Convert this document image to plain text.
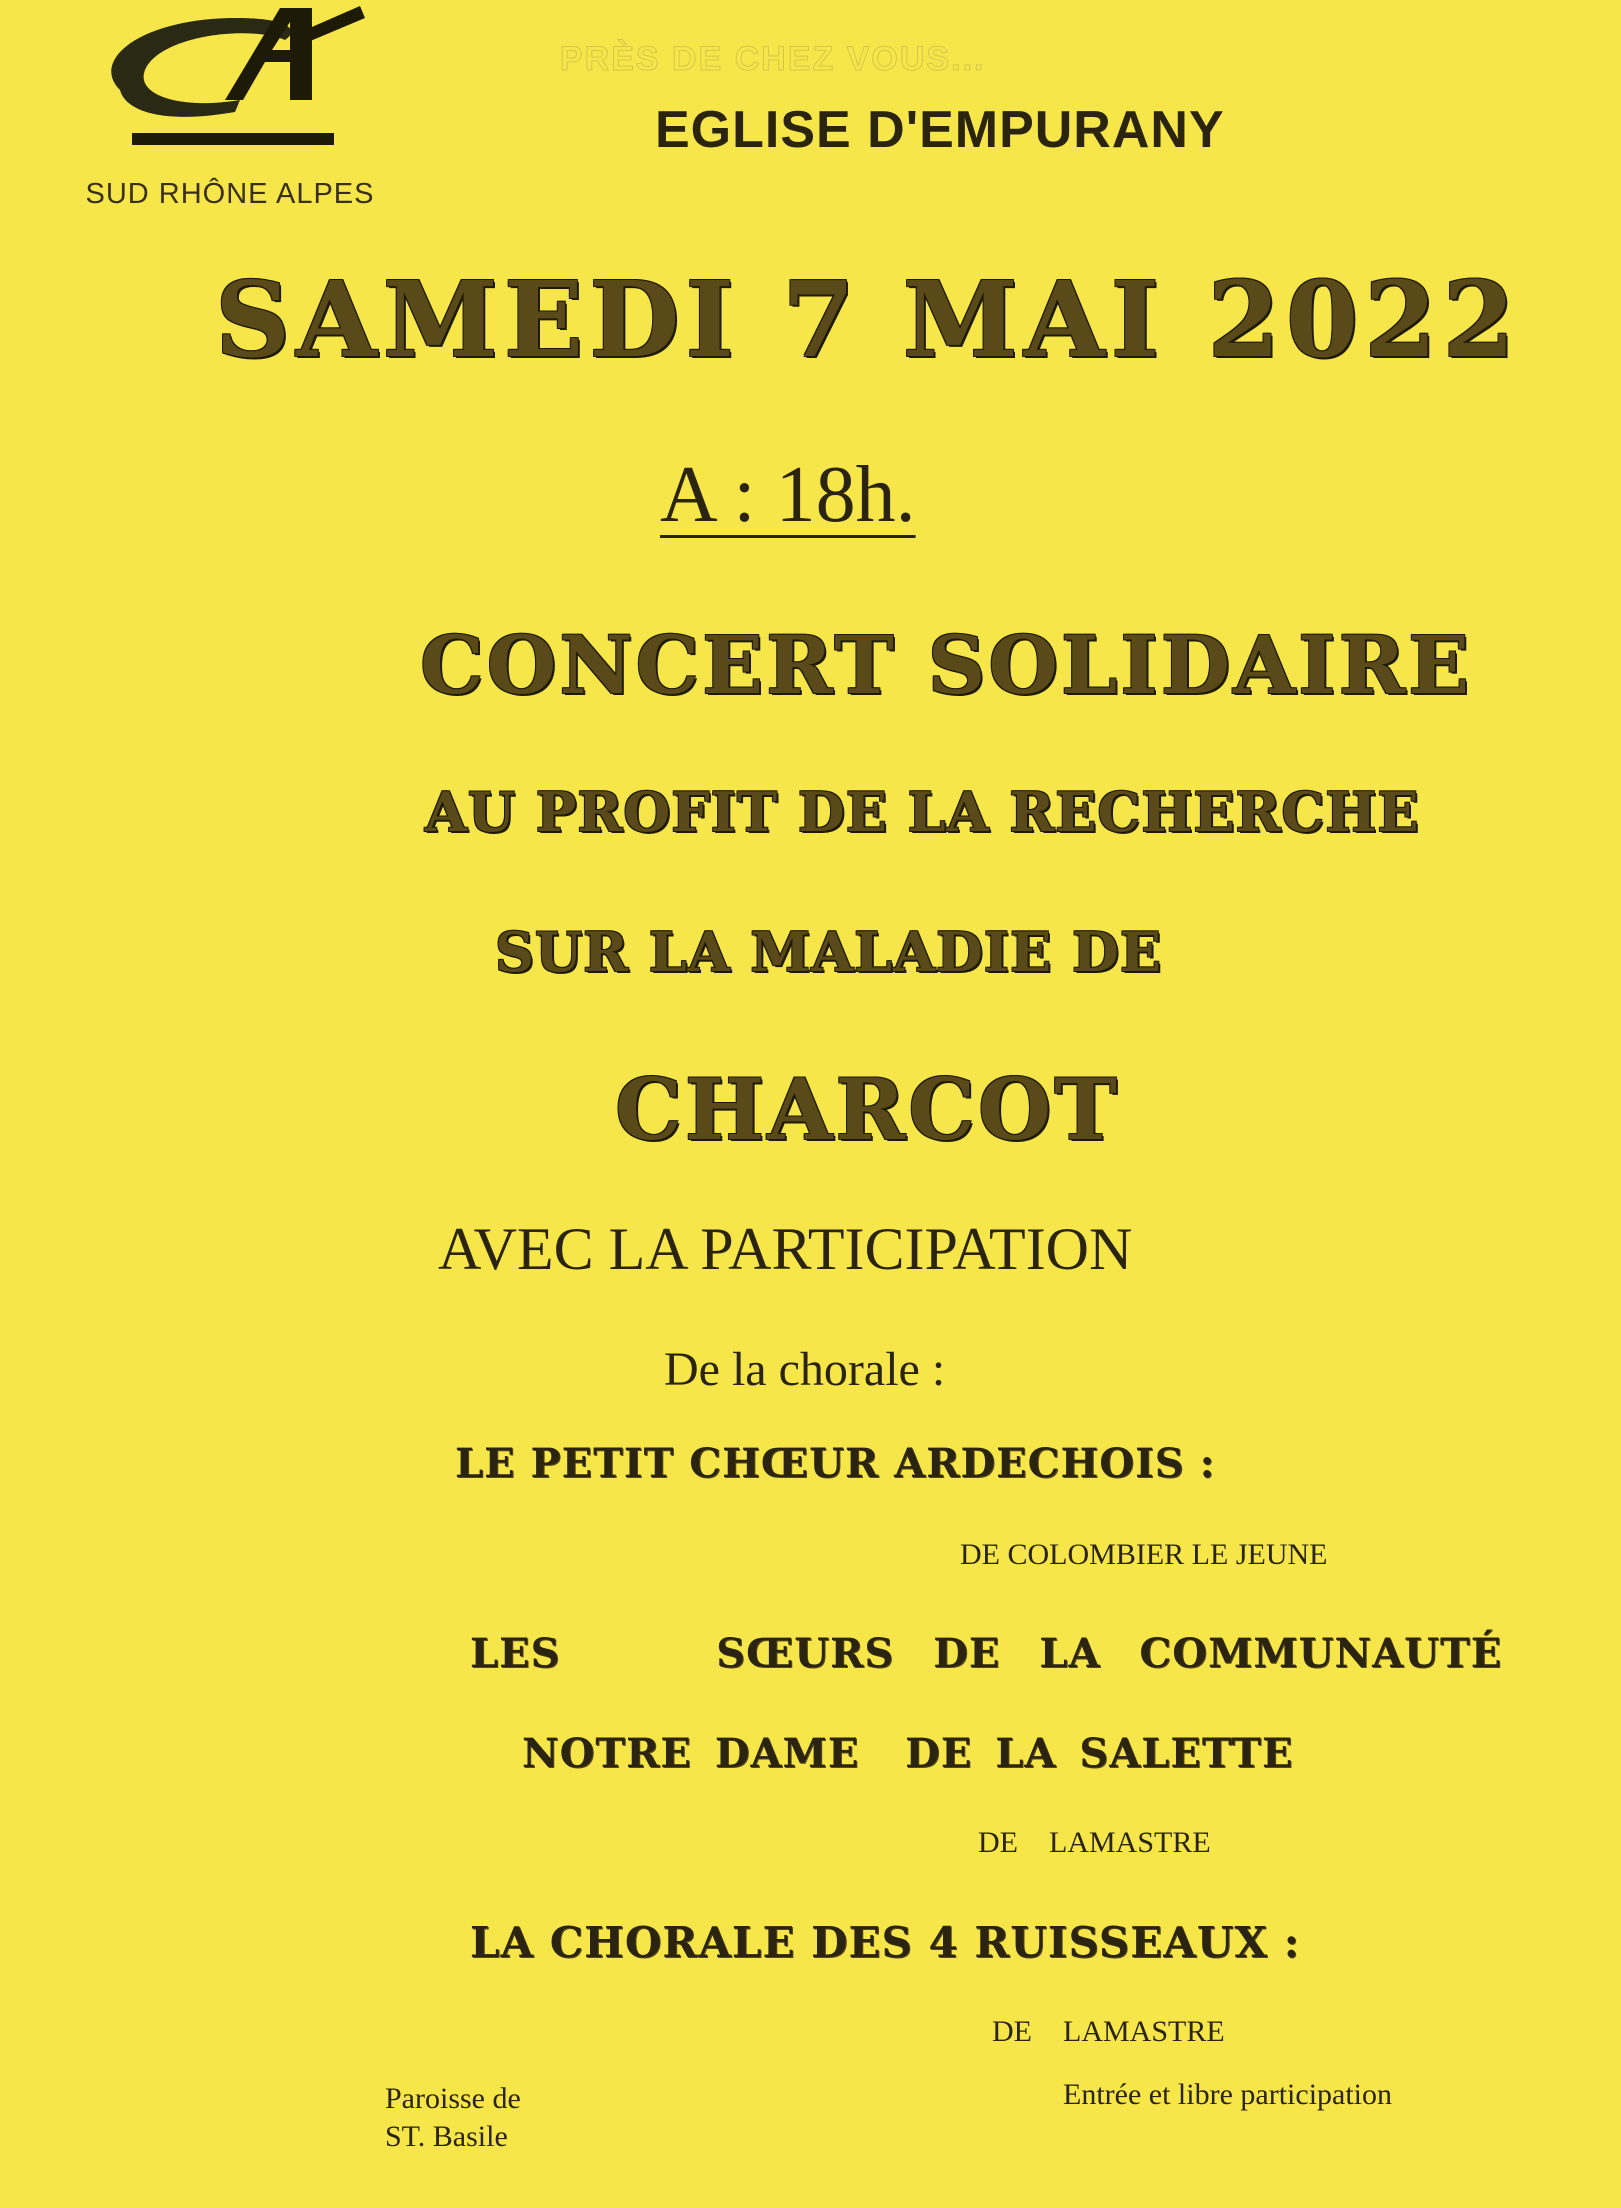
SUD RHÔNE ALPES

PRÈS DE CHEZ VOUS...

EGLISE D'EMPURANY

SAMEDI 7 MAI 2022

A : 18h.

CONCERT SOLIDAIRE

AU PROFIT DE LA RECHERCHE

SUR LA MALADIE DE

CHARCOT

AVEC LA PARTICIPATION

De la chorale :

LE PETIT CHŒUR ARDECHOIS :

DE COLOMBIER LE JEUNE

LES    SŒURS DE LA COMMUNAUTÉ

NOTRE DAME  DE LA SALETTE

DE  LAMASTRE

LA CHORALE DES 4 RUISSEAUX :

DE  LAMASTRE

Paroisse de
ST. Basile

Entrée et libre participation
